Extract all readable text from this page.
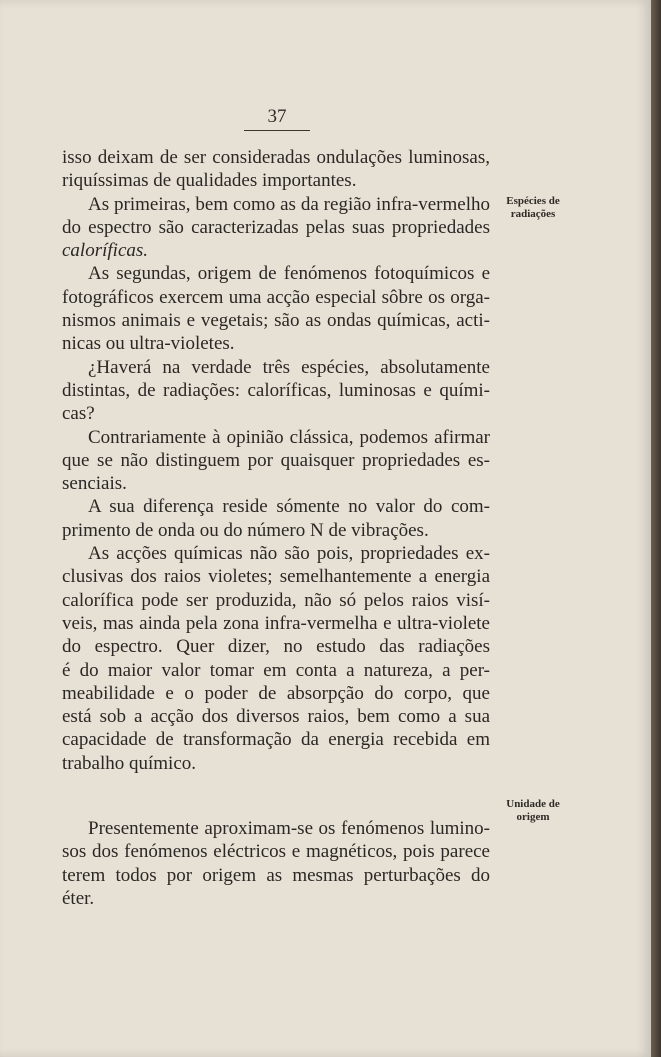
37
Espécies de
radiações
Unidade de
origem
isso deixam de ser consideradas ondulações luminosas,
riquíssimas de qualidades importantes.
As primeiras, bem como as da região infra-vermelho
do espectro são caracterizadas pelas suas propriedades
caloríficas.
As segundas, origem de fenómenos fotoquímicos e
fotográficos exercem uma acção especial sôbre os orga-
nismos animais e vegetais; são as ondas químicas, acti-
nicas ou ultra-violetes.
¿Haverá na verdade três espécies, absolutamente
distintas, de radiações: caloríficas, luminosas e quími-
cas?
Contrariamente à opinião clássica, podemos afirmar
que se não distinguem por quaisquer propriedades es-
senciais.
A sua diferença reside sómente no valor do com-
primento de onda ou do número N de vibrações.
As acções químicas não são pois, propriedades ex-
clusivas dos raios violetes; semelhantemente a energia
calorífica pode ser produzida, não só pelos raios visí-
veis, mas ainda pela zona infra-vermelha e ultra-violete
do espectro. Quer dizer, no estudo das radiações
é do maior valor tomar em conta a natureza, a per-
meabilidade e o poder de absorpção do corpo, que
está sob a acção dos diversos raios, bem como a sua
capacidade de transformação da energia recebida em
trabalho químico.
Presentemente aproximam-se os fenómenos lumino-
sos dos fenómenos eléctricos e magnéticos, pois parece
terem todos por origem as mesmas perturbações do
éter.
